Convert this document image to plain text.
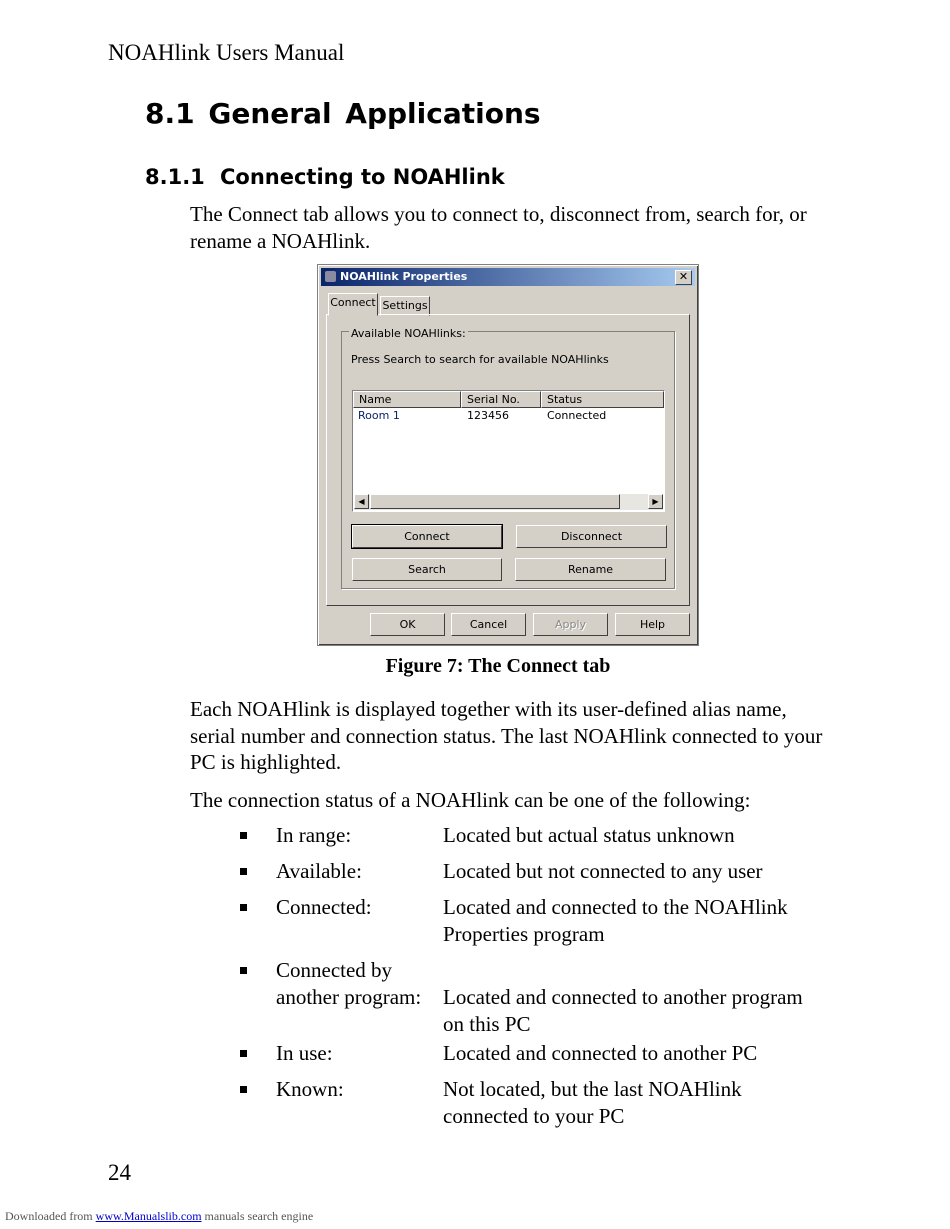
NOAHlink Users Manual
8.1 General Applications
8.1.1 Connecting to NOAHlink
The Connect tab allows you to connect to, disconnect from, search for, or rename a NOAHlink.
NOAHlink Properties	✕
Connect Settings
Available NOAHlinks:
Press Search to search for available NOAHlinks
Name	Serial No.	Status
Room 1	123456	Connected
◀	▶
Connect	Disconnect
Search	Rename
OK	Cancel	Apply	Help
Figure 7: The Connect tab
Each NOAHlink is displayed together with its user-defined alias name, serial number and connection status. The last NOAHlink connected to your PC is highlighted.
The connection status of a NOAHlink can be one of the following:
In range:	Located but actual status unknown
Available:	Located but not connected to any user
Connected:	Located and connected to the NOAHlink Properties program
Connected by
another program: Located and connected to another program on this PC
In use:	Located and connected to another PC
Known:	Not located, but the last NOAHlink connected to your PC
24
Downloaded from www.Manualslib.com manuals search engine
